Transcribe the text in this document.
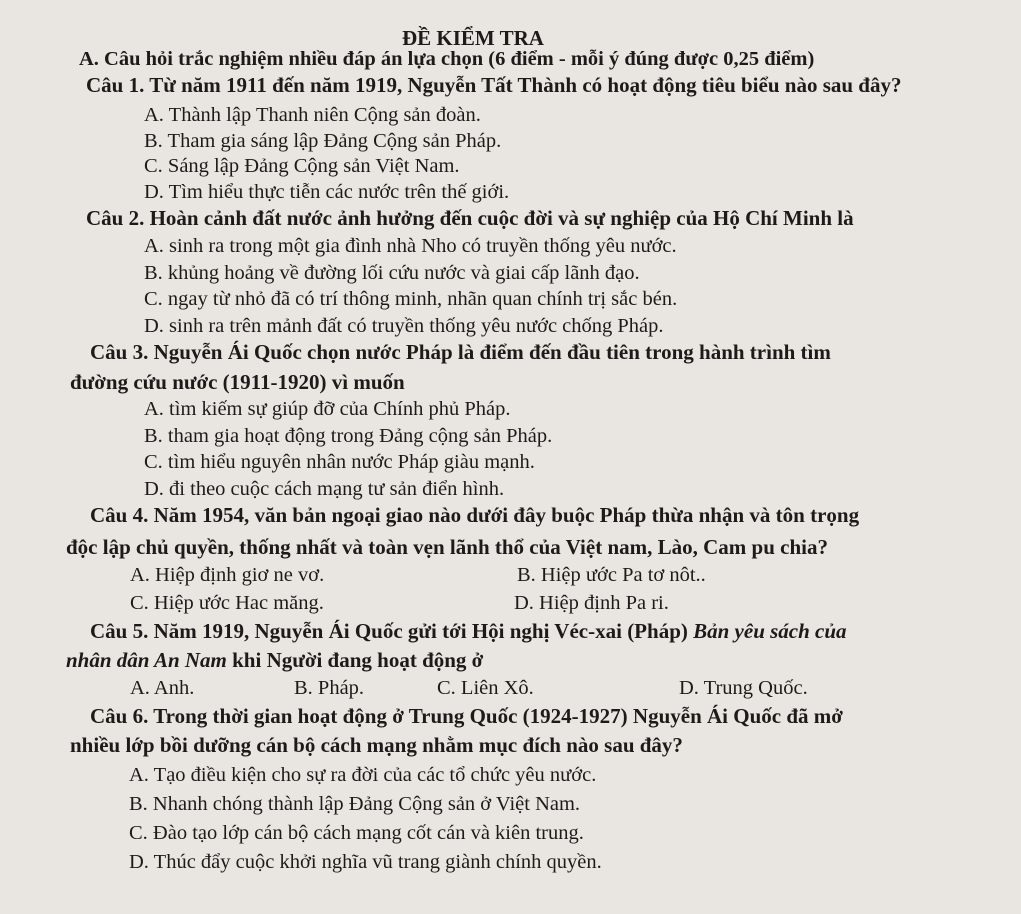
ĐỀ KIỂM TRA
A. Câu hỏi trắc nghiệm nhiều đáp án lựa chọn (6 điểm - mỗi ý đúng được 0,25 điểm)
Câu 1. Từ năm 1911 đến năm 1919, Nguyễn Tất Thành có hoạt động tiêu biểu nào sau đây?
A. Thành lập Thanh niên Cộng sản đoàn.
B. Tham gia sáng lập Đảng Cộng sản Pháp.
C. Sáng lập Đảng Cộng sản Việt Nam.
D. Tìm hiểu thực tiễn các nước trên thế giới.
Câu 2. Hoàn cảnh đất nước ảnh hưởng đến cuộc đời và sự nghiệp của Hộ Chí Minh là
A. sinh ra trong một gia đình nhà Nho có truyền thống yêu nước.
B. khủng hoảng về đường lối cứu nước và giai cấp lãnh đạo.
C. ngay từ nhỏ đã có trí thông minh, nhãn quan chính trị sắc bén.
D. sinh ra trên mảnh đất có truyền thống yêu nước chống Pháp.
Câu 3. Nguyễn Ái Quốc chọn nước Pháp là điểm đến đầu tiên trong hành trình tìm
đường cứu nước (1911-1920) vì muốn
A. tìm kiếm sự giúp đỡ của Chính phủ Pháp.
B. tham gia hoạt động trong Đảng cộng sản Pháp.
C. tìm hiểu nguyên nhân nước Pháp giàu mạnh.
D. đi theo cuộc cách mạng tư sản điển hình.
Câu 4. Năm 1954, văn bản ngoại giao nào dưới đây buộc Pháp thừa nhận và tôn trọng
độc lập chủ quyền, thống nhất và toàn vẹn lãnh thổ của Việt nam, Lào, Cam pu chia?
A. Hiệp định giơ ne vơ.	B. Hiệp ước Pa tơ nôt..
C. Hiệp ước Hac măng.	D. Hiệp định Pa ri.
Câu 5. Năm 1919, Nguyễn Ái Quốc gửi tới Hội nghị Véc-xai (Pháp) Bản yêu sách của
nhân dân An Nam khi Người đang hoạt động ở
A. Anh.	B. Pháp.	C. Liên Xô.	D. Trung Quốc.
Câu 6. Trong thời gian hoạt động ở Trung Quốc (1924-1927) Nguyễn Ái Quốc đã mở
nhiều lớp bồi dưỡng cán bộ cách mạng nhằm mục đích nào sau đây?
A. Tạo điều kiện cho sự ra đời của các tổ chức yêu nước.
B. Nhanh chóng thành lập Đảng Cộng sản ở Việt Nam.
C. Đào tạo lớp cán bộ cách mạng cốt cán và kiên trung.
D. Thúc đẩy cuộc khởi nghĩa vũ trang giành chính quyền.
